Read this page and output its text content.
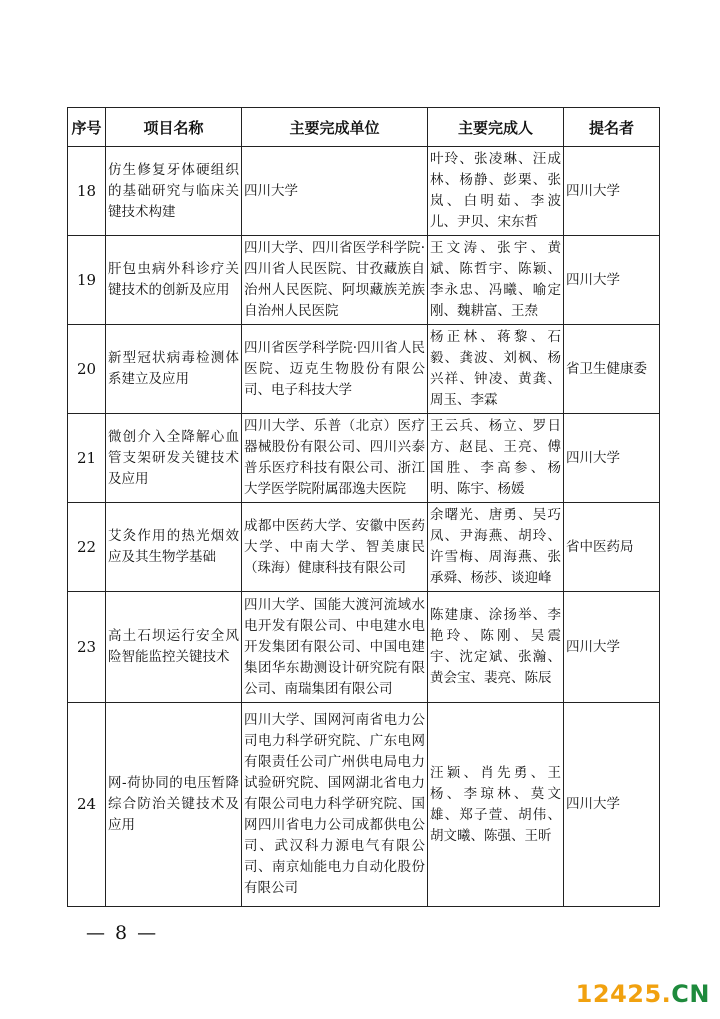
序号	项目名称	主要完成单位	主要完成人	提名者
18	仿生修复牙体硬组织的基础研究与临床关键技术构建	四川大学	叶玲、张凌琳、汪成林、杨静、彭栗、张岚、白明茹、李波儿、尹贝、宋东哲	四川大学
19	肝包虫病外科诊疗关键技术的创新及应用	四川大学、四川省医学科学院·四川省人民医院、甘孜藏族自治州人民医院、阿坝藏族羌族自治州人民医院	王文涛、张宇、黄斌、陈哲宇、陈颖、李永忠、冯曦、喻定刚、魏耕富、王焘	四川大学
20	新型冠状病毒检测体系建立及应用	四川省医学科学院·四川省人民医院、迈克生物股份有限公司、电子科技大学	杨正林、蒋黎、石毅、龚波、刘枫、杨兴祥、钟凌、黄龚、周玉、李霖	省卫生健康委
21	微创介入全降解心血管支架研发关键技术及应用	四川大学、乐普（北京）医疗器械股份有限公司、四川兴泰普乐医疗科技有限公司、浙江大学医学院附属邵逸夫医院	王云兵、杨立、罗日方、赵昆、王亮、傅国胜、李高参、杨明、陈宇、杨媛	四川大学
22	艾灸作用的热光烟效应及其生物学基础	成都中医药大学、安徽中医药大学、中南大学、智美康民（珠海）健康科技有限公司	余曙光、唐勇、吴巧凤、尹海燕、胡玲、许雪梅、周海燕、张承舜、杨莎、谈迎峰	省中医药局
23	高土石坝运行安全风险智能监控关键技术	四川大学、国能大渡河流域水电开发有限公司、中电建水电开发集团有限公司、中国电建集团华东勘测设计研究院有限公司、南瑞集团有限公司	陈建康、涂扬举、李艳玲、陈刚、吴震宇、沈定斌、张瀚、黄会宝、裴亮、陈辰	四川大学
24	网-荷协同的电压暂降综合防治关键技术及应用	四川大学、国网河南省电力公司电力科学研究院、广东电网有限责任公司广州供电局电力试验研究院、国网湖北省电力有限公司电力科学研究院、国网四川省电力公司成都供电公司、武汉科力源电气有限公司、南京灿能电力自动化股份有限公司	汪颖、肖先勇、王杨、李琼林、莫文雄、郑子萱、胡伟、胡文曦、陈强、王昕	四川大学
— 8 —
12425.CN
